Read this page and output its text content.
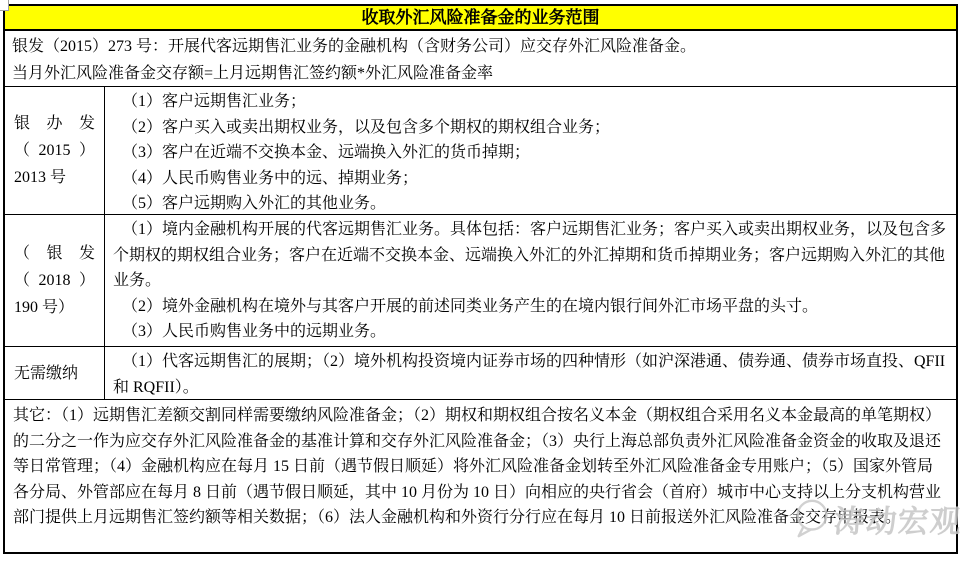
收取外汇风险准备金的业务范围
银发（2015）273 号：开展代客远期售汇业务的金融机构（含财务公司）应交存外汇风险准备金。
当月外汇风险准备金交存额=上月远期售汇签约额*外汇风险准备金率
银办发
（2015）
2013 号

（1）客户远期售汇业务；

（2）客户买入或卖出期权业务，以及包含多个期权的期权组合业务；

（3）客户在近端不交换本金、远端换入外汇的货币掉期；

（4）人民币购售业务中的远、掉期业务；

（5）客户远期购入外汇的其他业务。

（银发
（2018）
190 号）

（1）境内金融机构开展的代客远期售汇业务。具体包括：客户远期售汇业务；客户买入或卖出期权业务，以及包含多个期权的期权组合业务；客户在近端不交换本金、远端换入外汇的外汇掉期和货币掉期业务；客户远期购入外汇的其他业务。

（2）境外金融机构在境外与其客户开展的前述同类业务产生的在境内银行间外汇市场平盘的头寸。

（3）人民币购售业务中的远期业务。

无需缴纳

（1）代客远期售汇的展期；（2）境外机构投资境内证券市场的四种情形（如沪深港通、债券通、债券市场直投、QFII 和 RQFII）。

其它：（1）远期售汇差额交割同样需要缴纳风险准备金；（2）期权和期权组合按名义本金（期权组合采用名义本金最高的单笔期权）的二分之一作为应交存外汇风险准备金的基准计算和交存外汇风险准备金；（3）央行上海总部负责外汇风险准备金资金的收取及退还等日常管理；（4）金融机构应在每月 15 日前（遇节假日顺延）将外汇风险准备金划转至外汇风险准备金专用账户；（5）国家外管局各分局、外管部应在每月 8 日前（遇节假日顺延，其中 10 月份为 10 日）向相应的央行省会（首府）城市中心支持以上分支机构营业部门提供上月远期售汇签约额等相关数据；（6）法人金融机构和外资行分行应在每月 10 日前报送外汇风险准备金交存申报表。
涛动宏观
